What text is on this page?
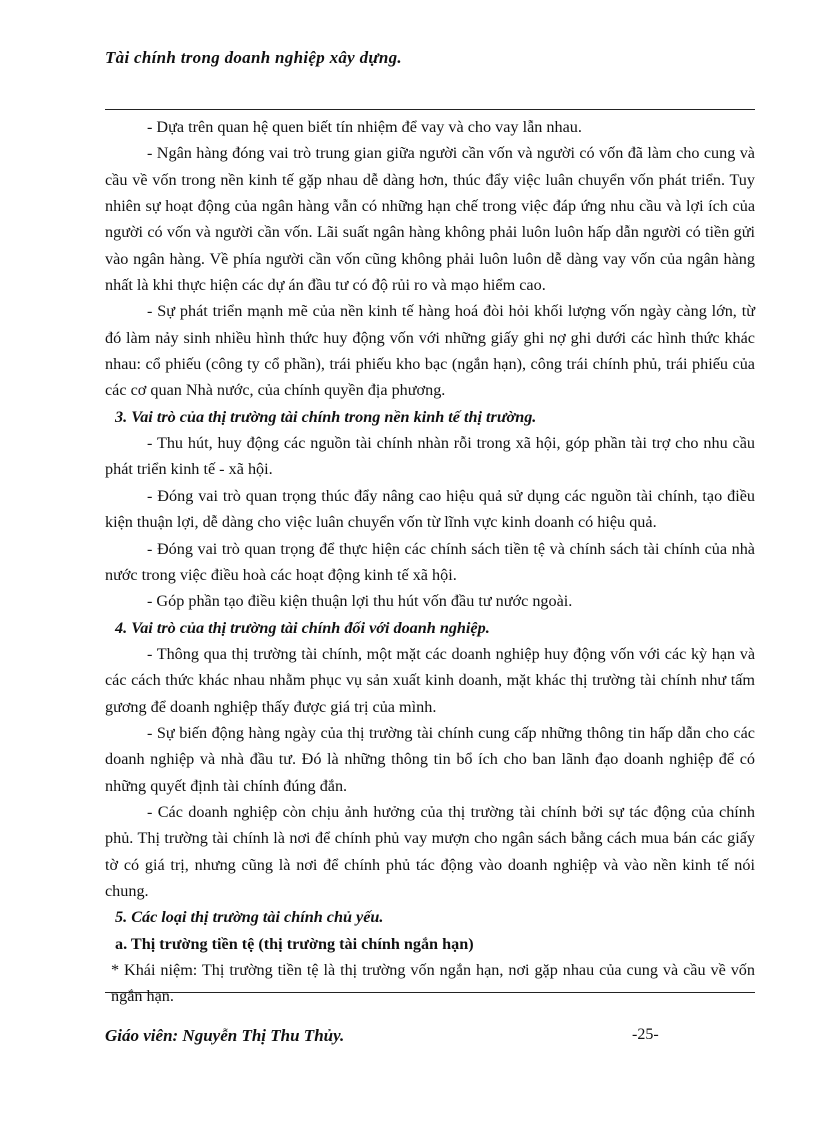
Tài chính trong doanh nghiệp xây dựng.

- Dựa trên quan hệ quen biết tín nhiệm để vay và cho vay lẫn nhau.

- Ngân hàng đóng vai trò trung gian giữa người cần vốn và người có vốn đã làm cho cung và cầu về vốn trong nền kinh tế gặp nhau dễ dàng hơn, thúc đẩy việc luân chuyển vốn phát triển. Tuy nhiên sự hoạt động của ngân hàng vẫn có những hạn chế trong việc đáp ứng nhu cầu và lợi ích của người có vốn và người cần vốn. Lãi suất ngân hàng không phải luôn luôn hấp dẫn người có tiền gửi vào ngân hàng. Về phía người cần vốn cũng không phải luôn luôn dễ dàng vay vốn của ngân hàng nhất là khi thực hiện các dự án đầu tư có độ rủi ro và mạo hiểm cao.

- Sự phát triển mạnh mẽ của nền kinh tế hàng hoá đòi hỏi khối lượng vốn ngày càng lớn, từ đó làm nảy sinh nhiều hình thức huy động vốn với những giấy ghi nợ ghi dưới các hình thức khác nhau: cổ phiếu (công ty cổ phần), trái phiếu kho bạc (ngắn hạn), công trái chính phủ, trái phiếu của các cơ quan Nhà nước, của chính quyền địa phương.

3. Vai trò của thị trường tài chính trong nền kinh tế thị trường.

- Thu hút, huy động các nguồn tài chính nhàn rỗi trong xã hội, góp phần tài trợ cho nhu cầu phát triển kinh tế - xã hội.

- Đóng vai trò quan trọng thúc đẩy nâng cao hiệu quả sử dụng các nguồn tài chính, tạo điều kiện thuận lợi, dễ dàng cho việc luân chuyển vốn từ lĩnh vực kinh doanh có hiệu quả.

- Đóng vai trò quan trọng để thực hiện các chính sách tiền tệ và chính sách tài chính của nhà nước trong việc điều hoà các hoạt động kinh tế xã hội.

- Góp phần tạo điều kiện thuận lợi thu hút vốn đầu tư nước ngoài.

4. Vai trò của thị trường tài chính đối với doanh nghiệp.

- Thông qua thị trường tài chính, một mặt các doanh nghiệp huy động vốn với các kỳ hạn và các cách thức khác nhau nhằm phục vụ sản xuất kinh doanh, mặt khác thị trường tài chính như tấm gương để doanh nghiệp thấy được giá trị của mình.

- Sự biến động hàng ngày của thị trường tài chính cung cấp những thông tin hấp dẫn cho các doanh nghiệp và nhà đầu tư. Đó là những thông tin bổ ích cho ban lãnh đạo doanh nghiệp để có những quyết định tài chính đúng đắn.

- Các doanh nghiệp còn chịu ảnh hưởng của thị trường tài chính bởi sự tác động của chính phủ. Thị trường tài chính là nơi để chính phủ vay mượn cho ngân sách bằng cách mua bán các giấy tờ có giá trị, nhưng cũng là nơi để chính phủ tác động vào doanh nghiệp và vào nền kinh tế nói chung.

5. Các loại thị trường tài chính chủ yếu.
a. Thị trường tiền tệ (thị trường tài chính ngắn hạn)

* Khái niệm: Thị trường tiền tệ là thị trường vốn ngắn hạn, nơi gặp nhau của cung và cầu về vốn ngắn hạn.

Giáo viên: Nguyễn Thị Thu Thủy.	-25-
